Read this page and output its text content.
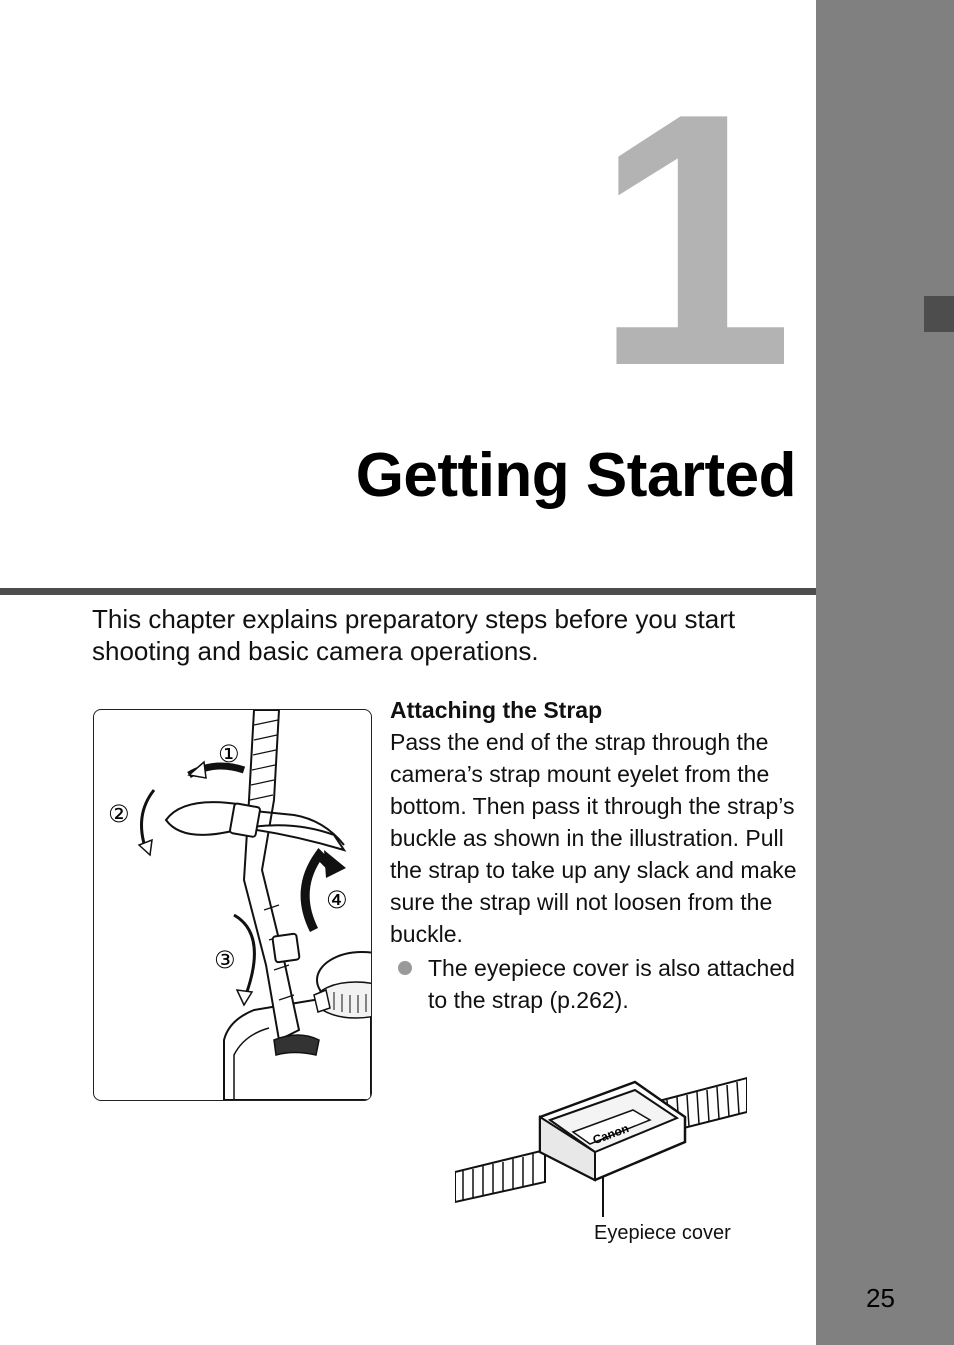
1
Getting Started
This chapter explains preparatory steps before you start shooting and basic camera operations.
①
②
③
④
Attaching the Strap
Pass the end of the strap through the camera’s strap mount eyelet from the bottom. Then pass it through the strap’s buckle as shown in the illustration. Pull the strap to take up any slack and make sure the strap will not loosen from the buckle.
The eyepiece cover is also attached to the strap (p.262).
Canon
Eyepiece cover
25
